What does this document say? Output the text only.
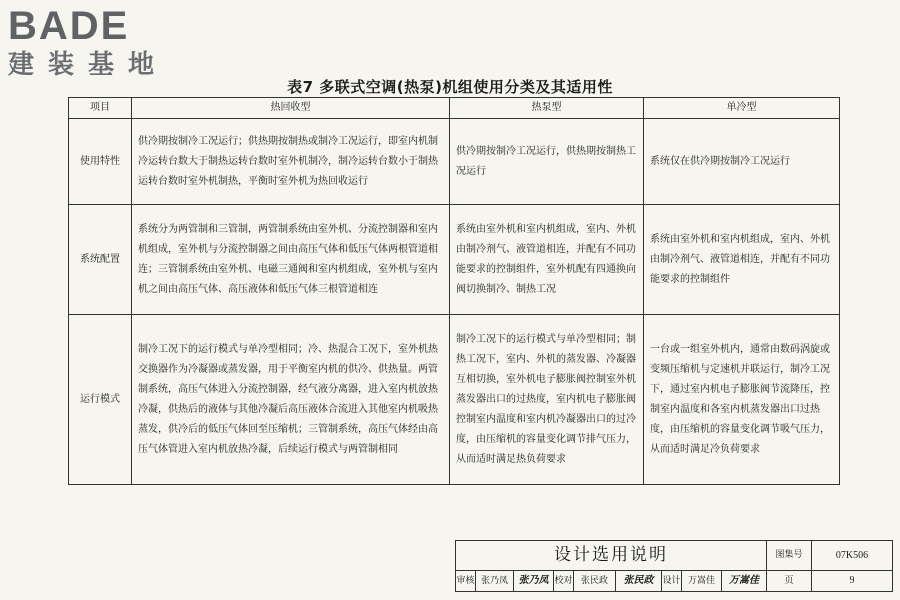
BADE
建装基地
表7 多联式空调(热泵)机组使用分类及其适用性
项目	热回收型	热泵型	单冷型
使用特性	供冷期按制冷工况运行；供热期按制热或制冷工况运行，即室内机制冷运转台数大于制热运转台数时室外机制冷，制冷运转台数小于制热运转台数时室外机制热，平衡时室外机为热回收运行	供冷期按制冷工况运行，供热期按制热工况运行	系统仅在供冷期按制冷工况运行
系统配置	系统分为两管制和三管制，两管制系统由室外机、分流控制器和室内机组成，室外机与分流控制器之间由高压气体和低压气体两根管道相连；三管制系统由室外机、电磁三通阀和室内机组成，室外机与室内机之间由高压气体、高压液体和低压气体三根管道相连	系统由室外机和室内机组成，室内、外机由制冷剂气、液管道相连，并配有不同功能要求的控制组件，室外机配有四通换向阀切换制冷、制热工况	系统由室外机和室内机组成，室内、外机由制冷剂气、液管道相连，并配有不同功能要求的控制组件
运行模式	制冷工况下的运行模式与单冷型相同；冷、热混合工况下，室外机热交换器作为冷凝器或蒸发器，用于平衡室内机的供冷、供热量。两管制系统，高压气体进入分流控制器，经气液分离器，进入室内机放热冷凝，供热后的液体与其他冷凝后高压液体合流进入其他室内机吸热蒸发，供冷后的低压气体回至压缩机；三管制系统，高压气体经由高压气体管进入室内机放热冷凝，后续运行模式与两管制相同	制冷工况下的运行模式与单冷型相同；制热工况下，室内、外机的蒸发器、冷凝器互相切换，室外机电子膨胀阀控制室外机蒸发器出口的过热度，室内机电子膨胀阀控制室内温度和室内机冷凝器出口的过冷度，由压缩机的容量变化调节排气压力，从而适时满足热负荷要求	一台或一组室外机内，通常由数码涡旋或变频压缩机与定速机并联运行，制冷工况下，通过室内机电子膨胀阀节流降压，控制室内温度和各室内机蒸发器出口过热度，由压缩机的容量变化调节吸气压力，从而适时满足冷负荷要求
设计选用说明	图集号	07K506
审核 张乃凤	张乃凤 校对 张民政	张民政 设计 万嵩佳	万嵩佳	页	9
